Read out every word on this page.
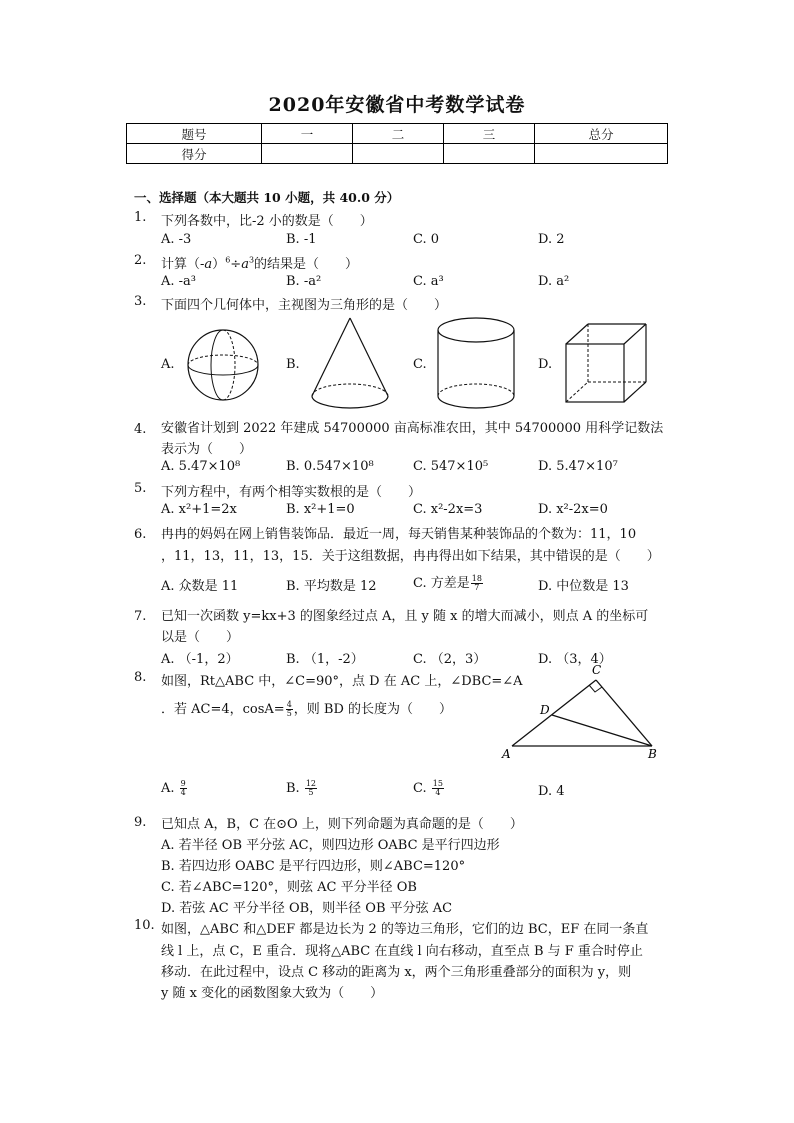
2020年安徽省中考数学试卷
题号	一	二	三	总分
得分				
一、选择题（本大题共 10 小题，共 40.0 分）
1. 下列各数中，比-2 小的数是（　　）
A. -3	B. -1	C. 0	D. 2
2. 计算$(-a)^6\div a^3$的结果是（　　）
A. -a³	B. -a²	C. a³	D. a²
3. 下面四个几何体中，主视图为三角形的是（　　）
A.	B.	C.	D.
4. 安徽省计划到 2022 年建成 54700000 亩高标准农田，其中 54700000 用科学记数法
表示为（　　）
A. 5.47×10⁸	B. 0.547×10⁸	C. 547×10⁵	D. 5.47×10⁷
5. 下列方程中，有两个相等实数根的是（　　）
A. x²+1=2x	B. x²+1=0	C. x²-2x=3	D. x²-2x=0
6. 冉冉的妈妈在网上销售装饰品．最近一周，每天销售某种装饰品的个数为：11，10
，11，13，11，13，15．关于这组数据，冉冉得出如下结果，其中错误的是（　　）
A. 众数是 11	B. 平均数是 12	C. 方差是 $\frac{18}{7}$	D. 中位数是 13
7. 已知一次函数 y=kx+3 的图象经过点 A，且 y 随 x 的增大而减小，则点 A 的坐标可
以是（　　）
A. （-1，2）	B. （1，-2）	C. （2，3）	D. （3，4）
8. 如图，Rt△ABC 中，∠C=90°，点 D 在 AC 上，∠DBC=∠A
．若 AC=4，$\cos A= \frac{4}{5}$ ，则 BD 的长度为（　　）
C
D
A	B
A. $\frac{9}{4}$	B. $\frac{12}{5}$	C. $\frac{15}{4}$	D. 4
9. 已知点 A，B，C 在⊙O 上，则下列命题为真命题的是（　　）
A. 若半径 OB 平分弦 AC，则四边形 OABC 是平行四边形
B. 若四边形 OABC 是平行四边形，则∠ABC=120°
C. 若∠ABC=120°，则弦 AC 平分半径 OB
D. 若弦 AC 平分半径 OB，则半径 OB 平分弦 AC
10. 如图，△ABC 和△DEF 都是边长为 2 的等边三角形，它们的边 BC，EF 在同一条直
线 l 上，点 C，E 重合．现将△ABC 在直线 l 向右移动，直至点 B 与 F 重合时停止
移动．在此过程中，设点 C 移动的距离为 x，两个三角形重叠部分的面积为 y，则
y 随 x 变化的函数图象大致为（　　）
